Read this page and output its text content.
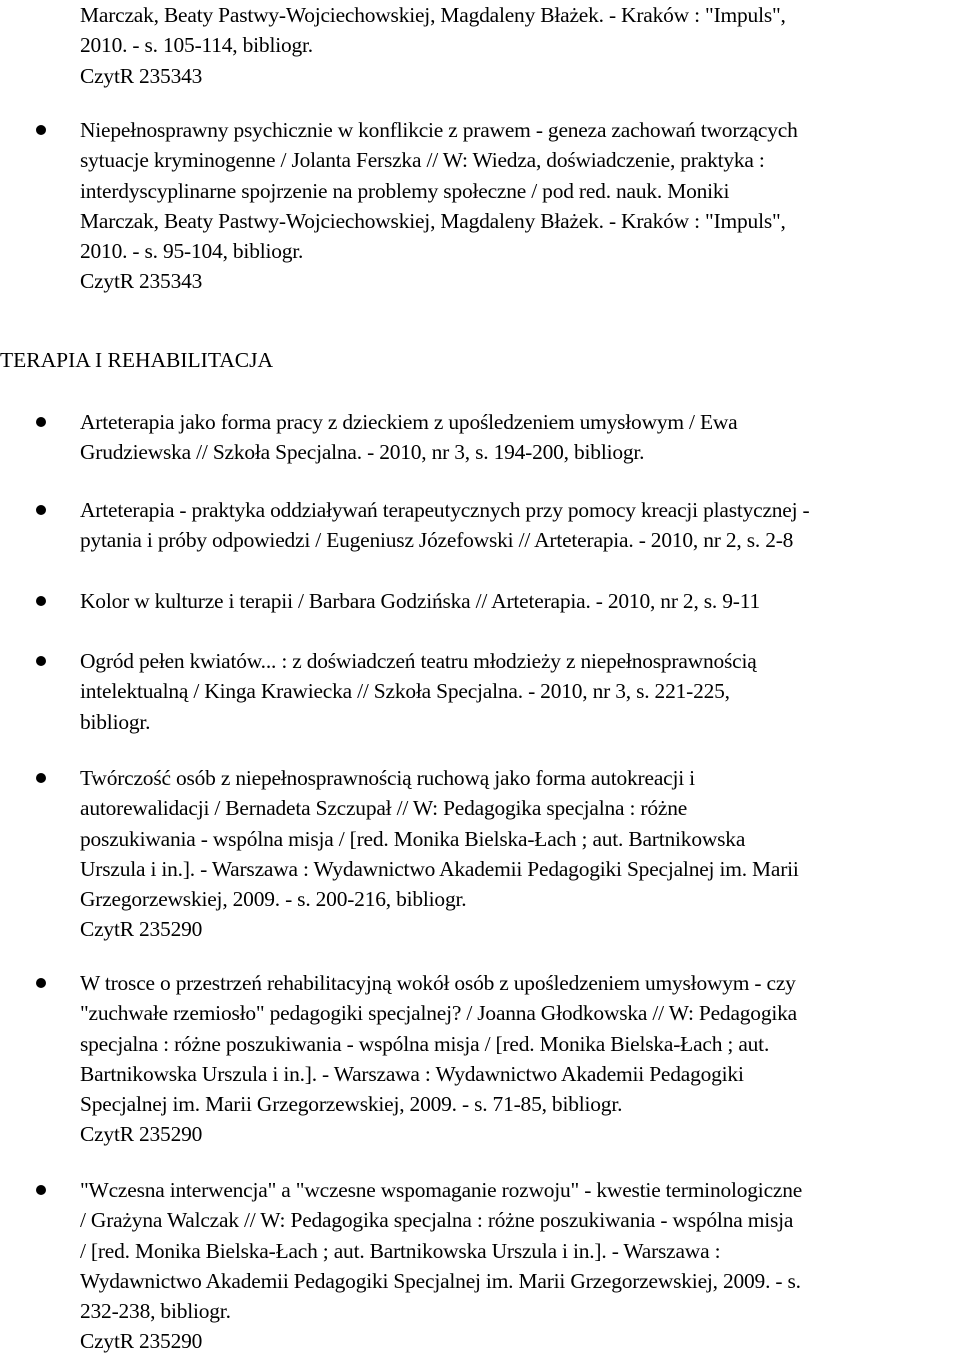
Marczak, Beaty Pastwy-Wojciechowskiej, Magdaleny Błażek. - Kraków : "Impuls",
2010. - s. 105-114, bibliogr.
CzytR 235343
Niepełnosprawny psychicznie w konflikcie z prawem - geneza zachowań tworzących
sytuacje kryminogenne / Jolanta Ferszka // W: Wiedza, doświadczenie, praktyka :
interdyscyplinarne spojrzenie na problemy społeczne / pod red. nauk. Moniki
Marczak, Beaty Pastwy-Wojciechowskiej, Magdaleny Błażek. - Kraków : "Impuls",
2010. - s. 95-104, bibliogr.
CzytR 235343
TERAPIA I REHABILITACJA
Arteterapia jako forma pracy z dzieckiem z upośledzeniem umysłowym / Ewa
Grudziewska // Szkoła Specjalna. - 2010, nr 3, s. 194-200, bibliogr.
Arteterapia - praktyka oddziaływań terapeutycznych przy pomocy kreacji plastycznej -
pytania i próby odpowiedzi / Eugeniusz Józefowski // Arteterapia. - 2010, nr 2, s. 2-8
Kolor w kulturze i terapii / Barbara Godzińska // Arteterapia. - 2010, nr 2, s. 9-11
Ogród pełen kwiatów... : z doświadczeń teatru młodzieży z niepełnosprawnością
intelektualną / Kinga Krawiecka // Szkoła Specjalna. - 2010, nr 3, s. 221-225,
bibliogr.
Twórczość osób z niepełnosprawnością ruchową jako forma autokreacji i
autorewalidacji / Bernadeta Szczupał // W: Pedagogika specjalna : różne
poszukiwania - wspólna misja / [red. Monika Bielska-Łach ; aut. Bartnikowska
Urszula i in.]. - Warszawa : Wydawnictwo Akademii Pedagogiki Specjalnej im. Marii
Grzegorzewskiej, 2009. - s. 200-216, bibliogr.
CzytR 235290
W trosce o przestrzeń rehabilitacyjną wokół osób z upośledzeniem umysłowym - czy
"zuchwałe rzemiosło" pedagogiki specjalnej? / Joanna Głodkowska // W: Pedagogika
specjalna : różne poszukiwania - wspólna misja / [red. Monika Bielska-Łach ; aut.
Bartnikowska Urszula i in.]. - Warszawa : Wydawnictwo Akademii Pedagogiki
Specjalnej im. Marii Grzegorzewskiej, 2009. - s. 71-85, bibliogr.
CzytR 235290
"Wczesna interwencja" a "wczesne wspomaganie rozwoju" - kwestie terminologiczne
/ Grażyna Walczak // W: Pedagogika specjalna : różne poszukiwania - wspólna misja
/ [red. Monika Bielska-Łach ; aut. Bartnikowska Urszula i in.]. - Warszawa :
Wydawnictwo Akademii Pedagogiki Specjalnej im. Marii Grzegorzewskiej, 2009. - s.
232-238, bibliogr.
CzytR 235290
